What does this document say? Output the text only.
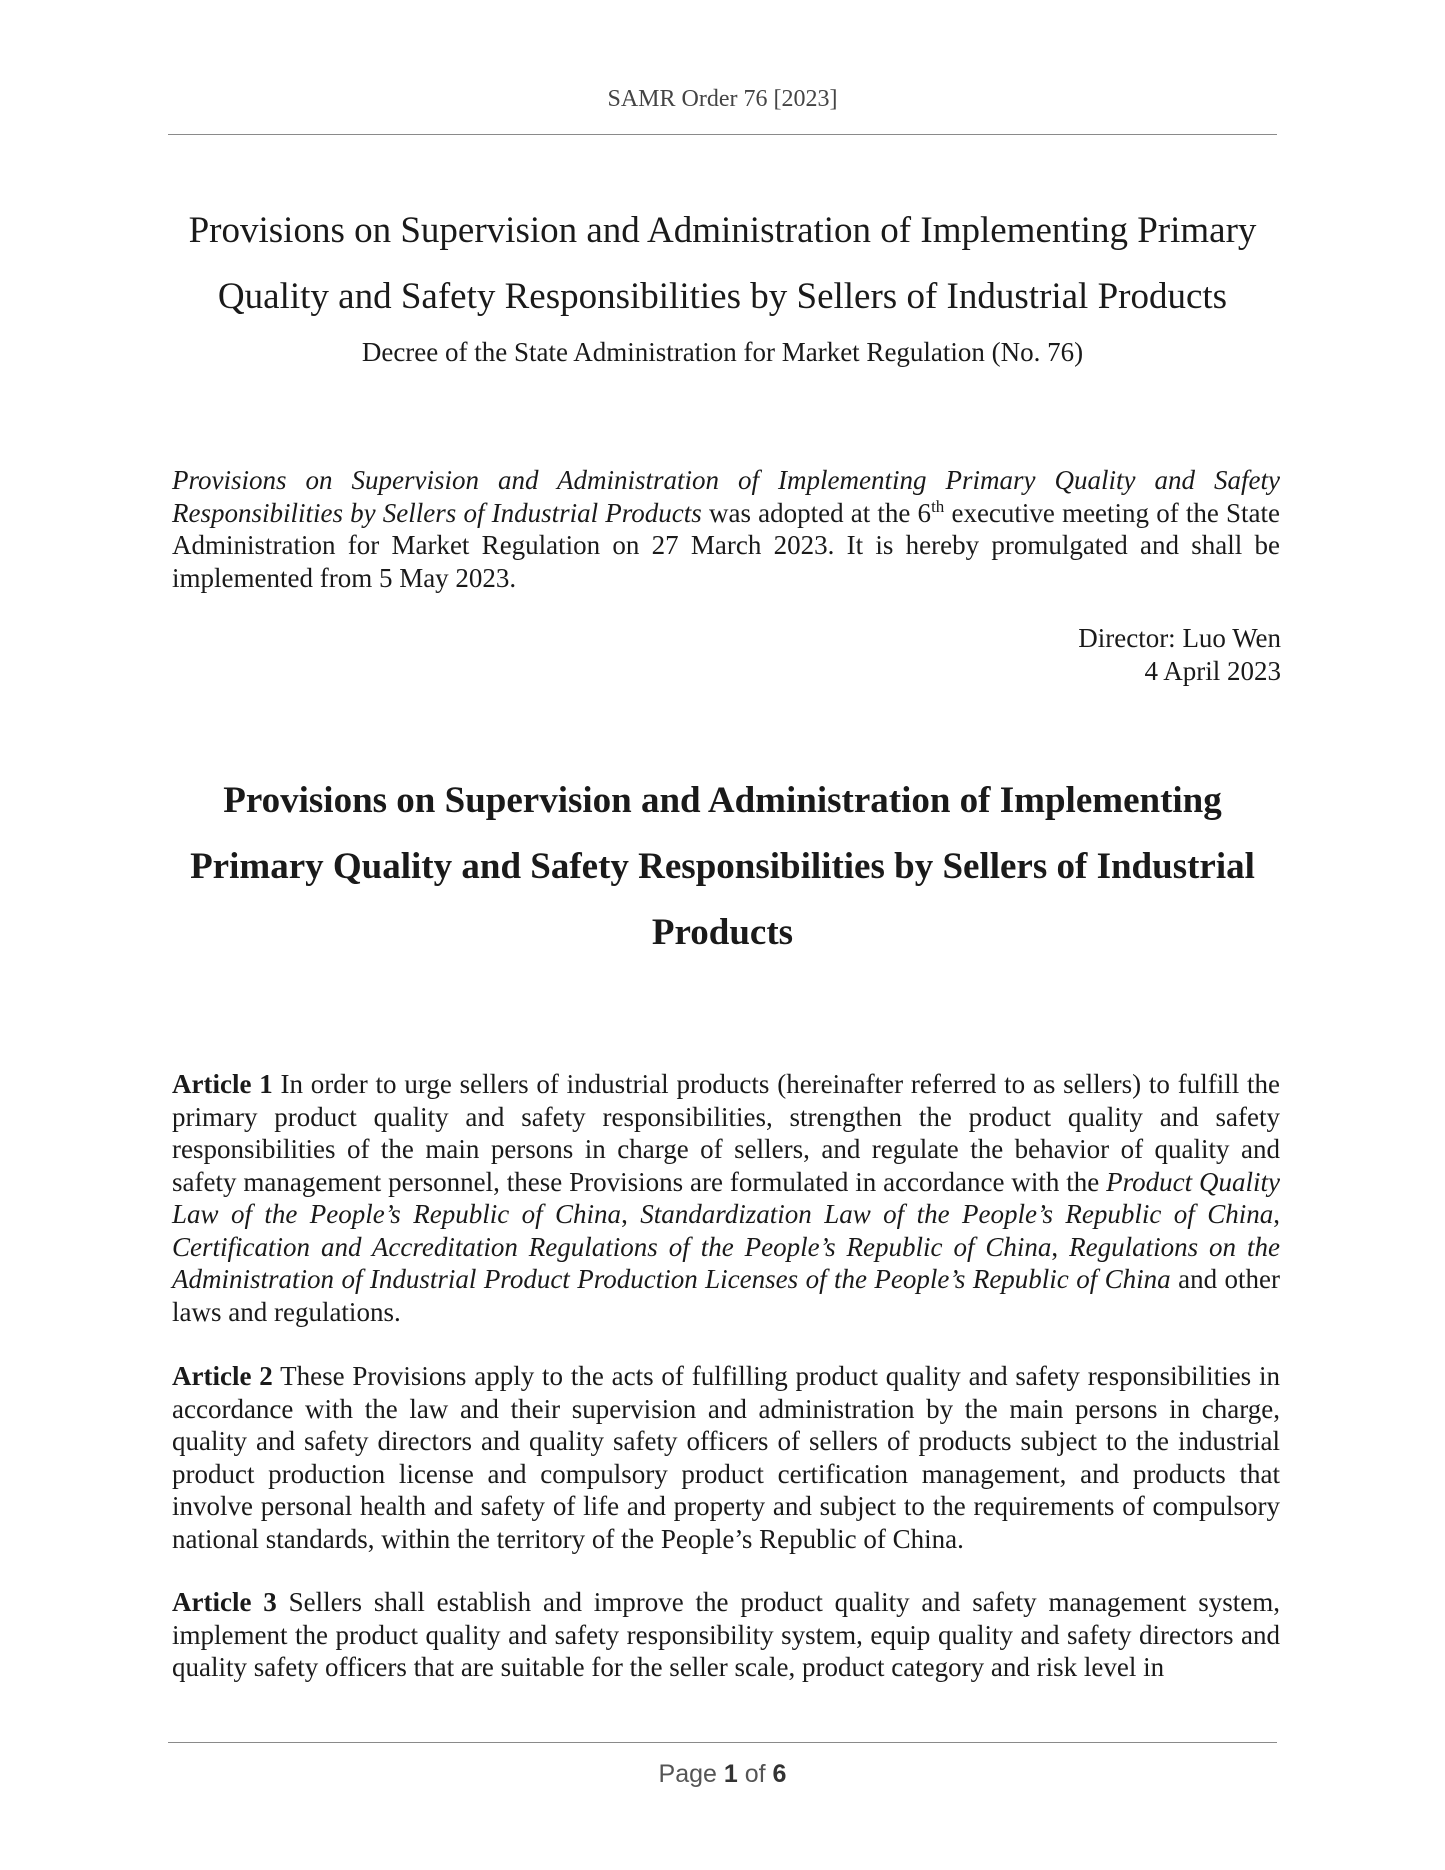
SAMR Order 76 [2023]
Provisions on Supervision and Administration of Implementing Primary
Quality and Safety Responsibilities by Sellers of Industrial Products

Decree of the State Administration for Market Regulation (No. 76)

Provisions on Supervision and Administration of Implementing Primary Quality and Safety Responsibilities by Sellers of Industrial Products was adopted at the 6th executive meeting of the State Administration for Market Regulation on 27 March 2023. It is hereby promulgated and shall be implemented from 5 May 2023.

Director: Luo Wen
4 April 2023
Provisions on Supervision and Administration of Implementing
Primary Quality and Safety Responsibilities by Sellers of Industrial
Products

Article 1 In order to urge sellers of industrial products (hereinafter referred to as sellers) to fulfill the primary product quality and safety responsibilities, strengthen the product quality and safety responsibilities of the main persons in charge of sellers, and regulate the behavior of quality and safety management personnel, these Provisions are formulated in accordance with the Product Quality Law of the People’s Republic of China, Standardization Law of the People’s Republic of China, Certification and Accreditation Regulations of the People’s Republic of China, Regulations on the Administration of Industrial Product Production Licenses of the People’s Republic of China and other laws and regulations.

Article 2 These Provisions apply to the acts of fulfilling product quality and safety responsibilities in accordance with the law and their supervision and administration by the main persons in charge, quality and safety directors and quality safety officers of sellers of products subject to the industrial product production license and compulsory product certification management, and products that involve personal health and safety of life and property and subject to the requirements of compulsory national standards, within the territory of the People’s Republic of China.

Article 3 Sellers shall establish and improve the product quality and safety management system, implement the product quality and safety responsibility system, equip quality and safety directors and quality safety officers that are suitable for the seller scale, product category and risk level in

Page 1 of 6
